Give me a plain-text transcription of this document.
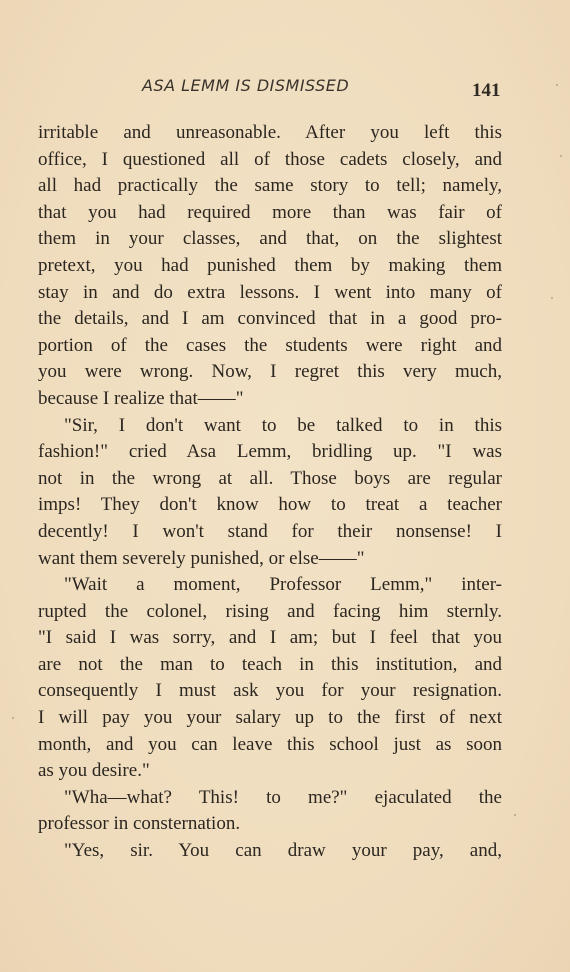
ASA LEMM IS DISMISSED	141
irritable and unreasonable. After you left this
office, I questioned all of those cadets closely, and
all had practically the same story to tell; namely,
that you had required more than was fair of
them in your classes, and that, on the slightest
pretext, you had punished them by making them
stay in and do extra lessons. I went into many of
the details, and I am convinced that in a good pro-
portion of the cases the students were right and
you were wrong. Now, I regret this very much,
because I realize that——"
"Sir, I don't want to be talked to in this
fashion!" cried Asa Lemm, bridling up. "I was
not in the wrong at all. Those boys are regular
imps! They don't know how to treat a teacher
decently! I won't stand for their nonsense! I
want them severely punished, or else——"
"Wait a moment, Professor Lemm," inter-
rupted the colonel, rising and facing him sternly.
"I said I was sorry, and I am; but I feel that you
are not the man to teach in this institution, and
consequently I must ask you for your resignation.
I will pay you your salary up to the first of next
month, and you can leave this school just as soon
as you desire."
"Wha—what? This! to me?" ejaculated the
professor in consternation.
"Yes, sir. You can draw your pay, and,
